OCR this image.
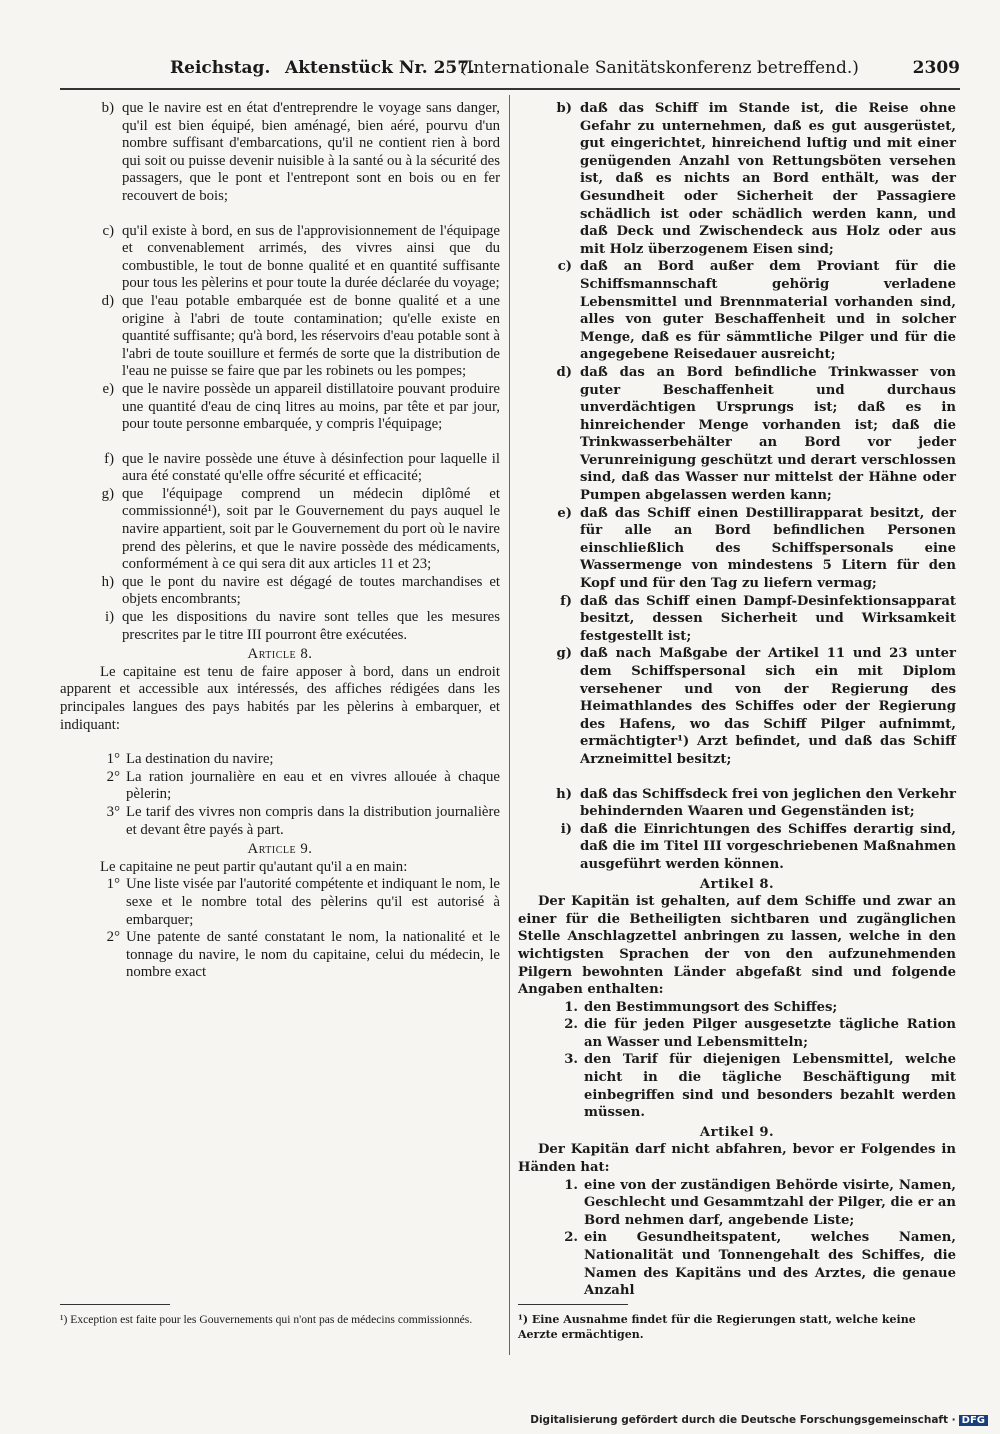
Reichstag. Aktenstück Nr. 257.
(Internationale Sanitätskonferenz betreffend.)	2309
b) que le navire est en état d'entreprendre le voyage sans danger, qu'il est bien équipé, bien aménagé, bien aéré, pourvu d'un nombre suffisant d'embarcations, qu'il ne contient rien à bord qui soit ou puisse devenir nuisible à la santé ou à la sécurité des passagers, que le pont et l'entrepont sont en bois ou en fer recouvert de bois;
c) qu'il existe à bord, en sus de l'approvisionnement de l'équipage et convenablement arrimés, des vivres ainsi que du combustible, le tout de bonne qualité et en quantité suffisante pour tous les pèlerins et pour toute la durée déclarée du voyage;
d) que l'eau potable embarquée est de bonne qualité et a une origine à l'abri de toute contamination; qu'elle existe en quantité suffisante; qu'à bord, les réservoirs d'eau potable sont à l'abri de toute souillure et fermés de sorte que la distribution de l'eau ne puisse se faire que par les robinets ou les pompes;
e) que le navire possède un appareil distillatoire pouvant produire une quantité d'eau de cinq litres au moins, par tête et par jour, pour toute personne embarquée, y compris l'équipage;
f) que le navire possède une étuve à désinfection pour laquelle il aura été constaté qu'elle offre sécurité et efficacité;
g) que l'équipage comprend un médecin diplômé et commissionné¹), soit par le Gouvernement du pays auquel le navire appartient, soit par le Gouvernement du port où le navire prend des pèlerins, et que le navire possède des médicaments, conformément à ce qui sera dit aux articles 11 et 23;
h) que le pont du navire est dégagé de toutes marchandises et objets encombrants;
i) que les dispositions du navire sont telles que les mesures prescrites par le titre III pourront être exécutées.
Article 8.

Le capitaine est tenu de faire apposer à bord, dans un endroit apparent et accessible aux intéressés, des affiches rédigées dans les principales langues des pays habités par les pèlerins à embarquer, et indiquant:

1° La destination du navire;
2° La ration journalière en eau et en vivres allouée à chaque pèlerin;
3° Le tarif des vivres non compris dans la distribution journalière et devant être payés à part.
Article 9.

Le capitaine ne peut partir qu'autant qu'il a en main:

1° Une liste visée par l'autorité compétente et indiquant le nom, le sexe et le nombre total des pèlerins qu'il est autorisé à embarquer;
2° Une patente de santé constatant le nom, la nationalité et le tonnage du navire, le nom du capitaine, celui du médecin, le nombre exact
b) daß das Schiff im Stande ist, die Reise ohne Gefahr zu unternehmen, daß es gut ausgerüstet, gut eingerichtet, hinreichend luftig und mit einer genügenden Anzahl von Rettungsböten versehen ist, daß es nichts an Bord enthält, was der Gesundheit oder Sicherheit der Passagiere schädlich ist oder schädlich werden kann, und daß Deck und Zwischendeck aus Holz oder aus mit Holz überzogenem Eisen sind;
c) daß an Bord außer dem Proviant für die Schiffsmannschaft gehörig verladene Lebensmittel und Brennmaterial vorhanden sind, alles von guter Beschaffenheit und in solcher Menge, daß es für sämmtliche Pilger und für die angegebene Reisedauer ausreicht;
d) daß das an Bord befindliche Trinkwasser von guter Beschaffenheit und durchaus unverdächtigen Ursprungs ist; daß es in hinreichender Menge vorhanden ist; daß die Trinkwasserbehälter an Bord vor jeder Verunreinigung geschützt und derart verschlossen sind, daß das Wasser nur mittelst der Hähne oder Pumpen abgelassen werden kann;
e) daß das Schiff einen Destillirapparat besitzt, der für alle an Bord befindlichen Personen einschließlich des Schiffspersonals eine Wassermenge von mindestens 5 Litern für den Kopf und für den Tag zu liefern vermag;
f) daß das Schiff einen Dampf-Desinfektionsapparat besitzt, dessen Sicherheit und Wirksamkeit festgestellt ist;
g) daß nach Maßgabe der Artikel 11 und 23 unter dem Schiffspersonal sich ein mit Diplom versehener und von der Regierung des Heimathlandes des Schiffes oder der Regierung des Hafens, wo das Schiff Pilger aufnimmt, ermächtigter¹) Arzt befindet, und daß das Schiff Arzneimittel besitzt;
h) daß das Schiffsdeck frei von jeglichen den Verkehr behindernden Waaren und Gegenständen ist;
i) daß die Einrichtungen des Schiffes derartig sind, daß die im Titel III vorgeschriebenen Maßnahmen ausgeführt werden können.
Artikel 8.

Der Kapitän ist gehalten, auf dem Schiffe und zwar an einer für die Betheiligten sichtbaren und zugänglichen Stelle Anschlagzettel anbringen zu lassen, welche in den wichtigsten Sprachen der von den aufzunehmenden Pilgern bewohnten Länder abgefaßt sind und folgende Angaben enthalten:

1. den Bestimmungsort des Schiffes;
2. die für jeden Pilger ausgesetzte tägliche Ration an Wasser und Lebensmitteln;
3. den Tarif für diejenigen Lebensmittel, welche nicht in die tägliche Beschäftigung mit einbegriffen sind und besonders bezahlt werden müssen.
Artikel 9.

Der Kapitän darf nicht abfahren, bevor er Folgendes in Händen hat:

1. eine von der zuständigen Behörde visirte, Namen, Geschlecht und Gesammtzahl der Pilger, die er an Bord nehmen darf, angebende Liste;
2. ein Gesundheitspatent, welches Namen, Nationalität und Tonnengehalt des Schiffes, die Namen des Kapitäns und des Arztes, die genaue Anzahl
¹) Exception est faite pour les Gouvernements qui n'ont pas de médecins commissionnés.	¹) Eine Ausnahme findet für die Regierungen statt, welche keine Aerzte ermächtigen.
Digitalisierung gefördert durch die Deutsche Forschungsgemeinschaft · DFG
